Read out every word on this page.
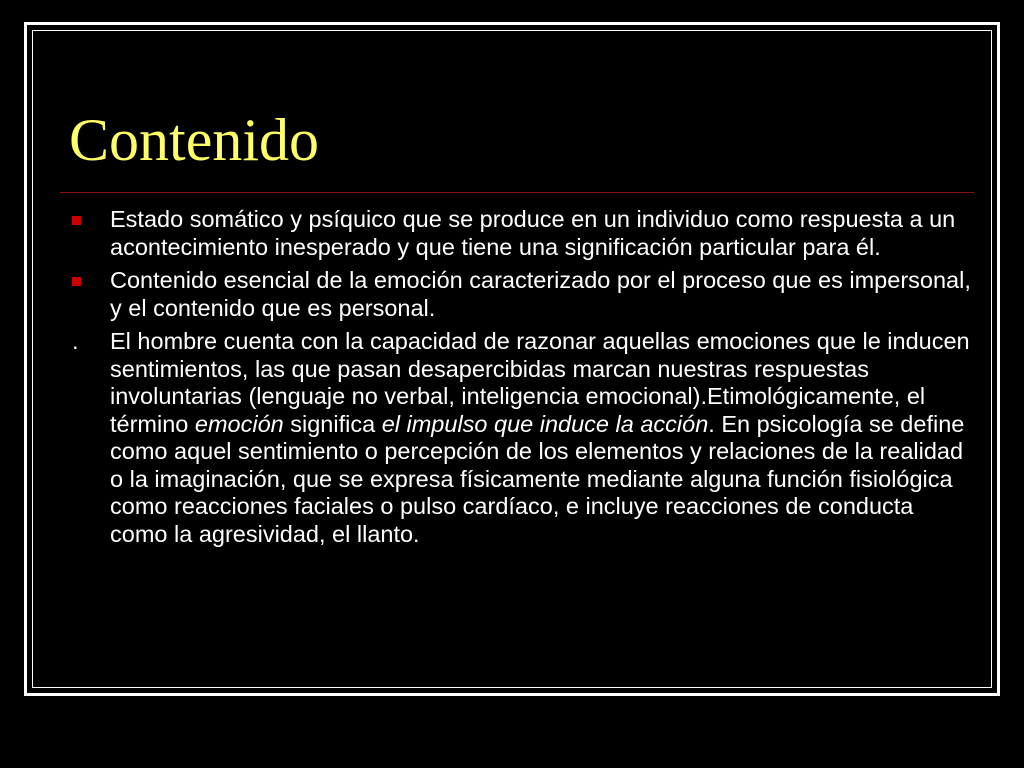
Contenido
Estado somático y psíquico que se produce en un individuo como respuesta a un acontecimiento inesperado y que tiene una significación particular para él.
Contenido esencial de la emoción caracterizado por el proceso que es impersonal, y el contenido que es personal.
. El hombre cuenta con la capacidad de razonar aquellas emociones que le inducen sentimientos, las que pasan desapercibidas marcan nuestras respuestas involuntarias (lenguaje no verbal, inteligencia emocional).Etimológicamente, el término emoción significa el impulso que induce la acción. En psicología se define como aquel sentimiento o percepción de los elementos y relaciones de la realidad o la imaginación, que se expresa físicamente mediante alguna función fisiológica como reacciones faciales o pulso cardíaco, e incluye reacciones de conducta como la agresividad, el llanto.
